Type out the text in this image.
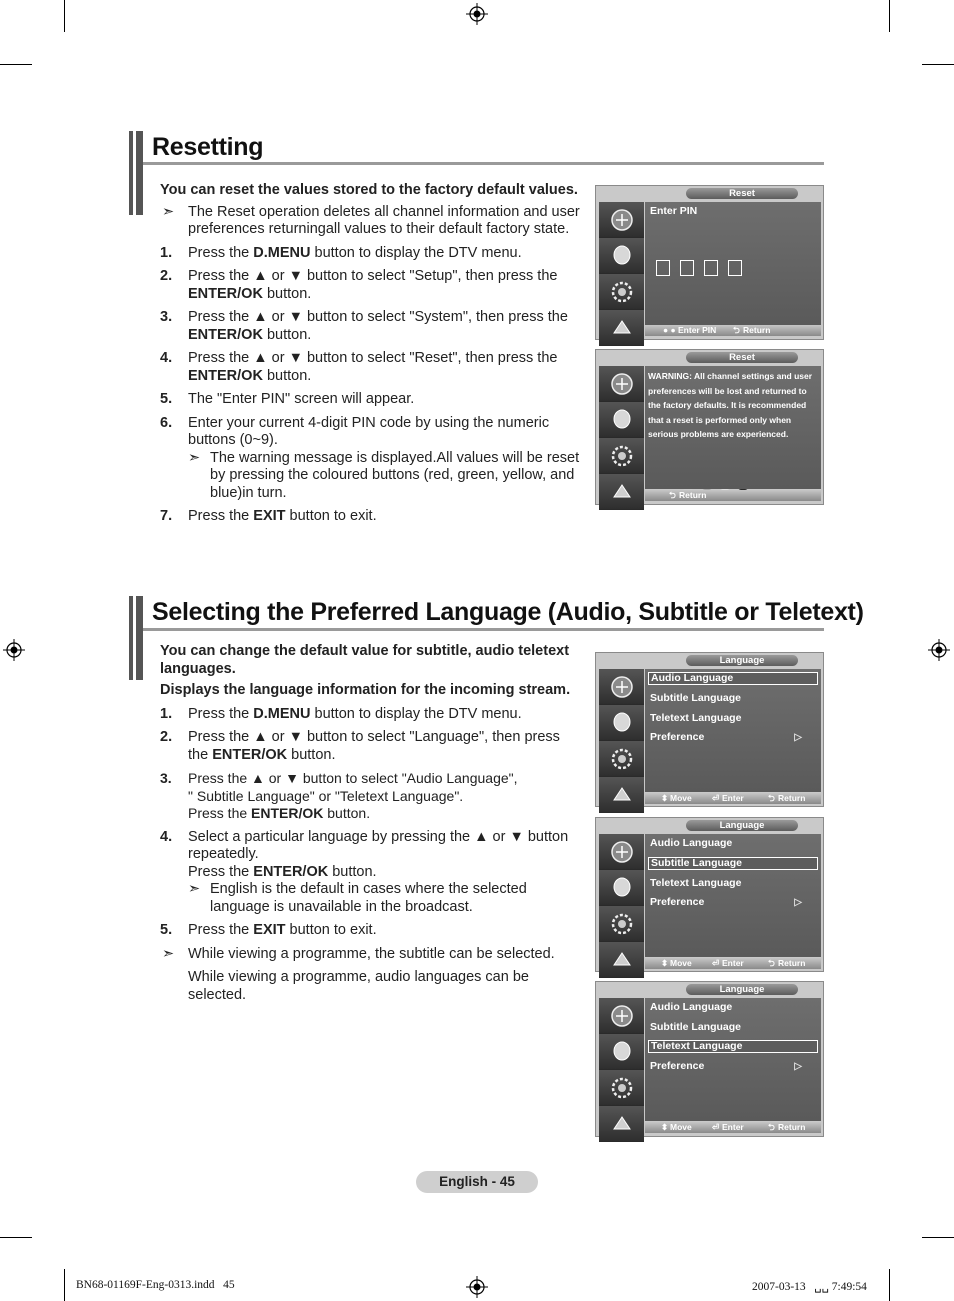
Resetting
You can reset the values stored to the factory default values.
➣ The Reset operation deletes all channel information and user preferences returningall values to their default factory state.
1. Press the D.MENU button to display the DTV menu.
2. Press the ▲ or ▼ button to select "Setup", then press the ENTER/OK button.
3. Press the ▲ or ▼ button to select "System", then press the ENTER/OK button.
4. Press the ▲ or ▼ button to select "Reset", then press the ENTER/OK button.
5. The "Enter PIN" screen will appear.
6. Enter your current 4-digit PIN code by using the numeric buttons (0~9).
➣ The warning message is displayed.All values will be reset by pressing the coloured buttons (red, green, yellow, and blue)in turn.
7. Press the EXIT button to exit.
Reset
Enter PIN
● ● Enter PIN ⮌ Return
Reset
WARNING: All channel settings and user preferences will be lost and returned to the factory defaults. It is recommended that a reset is performed only when serious problems are experienced.
⮌ Return
Selecting the Preferred Language (Audio, Subtitle or Teletext)
You can change the default value for subtitle, audio teletext languages.
Displays the language information for the incoming stream.
1. Press the D.MENU button to display the DTV menu.
2. Press the ▲ or ▼ button to select "Language", then press the ENTER/OK button.
3. Press the ▲ or ▼ button to select "Audio Language",
" Subtitle Language" or "Teletext Language".
Press the ENTER/OK button.
4. Select a particular language by pressing the ▲ or ▼ button repeatedly.
Press the ENTER/OK button.
➣ English is the default in cases where the selected language is unavailable in the broadcast.
5. Press the EXIT button to exit.
➣ While viewing a programme, the subtitle can be selected.
While viewing a programme, audio languages can be selected.
Language
Audio Language
Subtitle Language
Teletext Language
Preference	▷
⬍ Move ⏎ Enter	⮌ Return
Language
Audio Language
Subtitle Language
Teletext Language
Preference	▷
⬍ Move ⏎ Enter	⮌ Return
Language
Audio Language
Subtitle Language
Teletext Language
Preference	▷
⬍ Move ⏎ Enter	⮌ Return
English - 45
BN68-01169F-Eng-0313.indd   45	2007-03-13   ␣␣ 7:49:54
